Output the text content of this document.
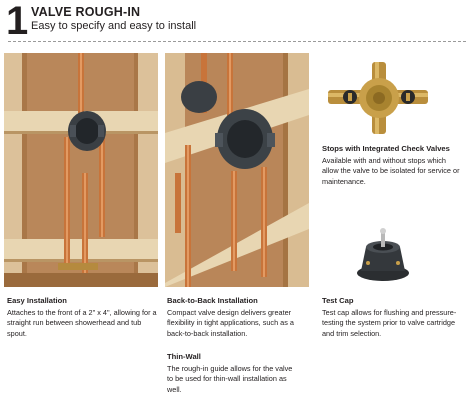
1 VALVE ROUGH-IN
Easy to specify and easy to install
Stops with Integrated Check Valves
Available with and without stops which allow the valve to be isolated for service or maintenance.
Easy Installation
Attaches to the front of a 2" x 4", allowing for a straight run between showerhead and tub spout.
Back-to-Back Installation
Compact valve design delivers greater flexibility in tight applications, such as a back-to-back installation.
Thin-Wall
The rough-in guide allows for the valve to be used for thin-wall installation as well.
Test Cap
Test cap allows for flushing and pressure-testing the system prior to valve cartridge and trim selection.
